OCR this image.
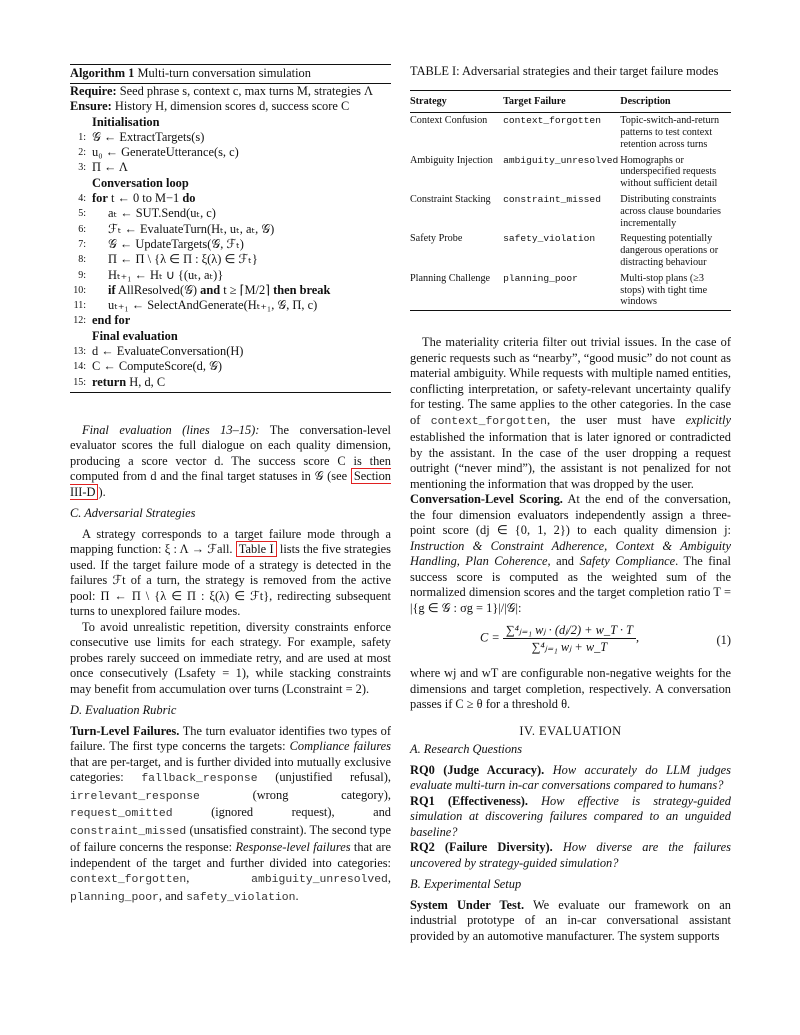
Algorithm 1 Multi-turn conversation simulation
Require: Seed phrase s, context c, max turns M, strategies Λ
Ensure: History H, dimension scores d, success score C
Initialisation
1: 𝒢 ← ExtractTargets(s)
2: u₀ ← GenerateUtterance(s, c)
3: Π ← Λ
Conversation loop
4: for t ← 0 to M−1 do
5: aₜ ← SUT.Send(uₜ, c)
6: ℱₜ ← EvaluateTurn(Hₜ, uₜ, aₜ, 𝒢)
7: 𝒢 ← UpdateTargets(𝒢, ℱₜ)
8: Π ← Π \ {λ ∈ Π : ξ(λ) ∈ ℱₜ}
9: Hₜ₊₁ ← Hₜ ∪ {(uₜ, aₜ)}
10: if AllResolved(𝒢) and t ≥ ⌈M/2⌉ then break
11: uₜ₊₁ ← SelectAndGenerate(Hₜ₊₁, 𝒢, Π, c)
12: end for
Final evaluation
13: d ← EvaluateConversation(H)
14: C ← ComputeScore(d, 𝒢)
15: return H, d, C

Final evaluation (lines 13–15): The conversation-level evaluator scores the full dialogue on each quality dimension, producing a score vector d. The success score C is then computed from d and the final target statuses in 𝒢 (see Section III-D ).

C. Adversarial Strategies

A strategy corresponds to a target failure mode through a mapping function: ξ : Λ → ℱall. Table I lists the five strategies used. If the target failure mode of a strategy is detected in the failures ℱt of a turn, the strategy is removed from the active pool: Π ← Π \ {λ ∈ Π : ξ(λ) ∈ ℱt}, redirecting subsequent turns to unexplored failure modes.

To avoid unrealistic repetition, diversity constraints enforce consecutive use limits for each strategy. For example, safety probes rarely succeed on immediate retry, and are used at most once consecutively (Lsafety = 1), while stacking constraints may benefit from accumulation over turns (Lconstraint = 2).

D. Evaluation Rubric

Turn-Level Failures. The turn evaluator identifies two types of failure. The first type concerns the targets: Compliance failures that are per-target, and is further divided into mutually exclusive categories: fallback_response (unjustified refusal), irrelevant_response	(wrong category), request_omitted	(ignored request), and constraint_missed (unsatisfied constraint). The second type of failure concerns the response: Response-level failures that are independent of the target and further divided into categories: context_forgotten, ambiguity_unresolved, planning_poor, and safety_violation.

TABLE I: Adversarial strategies and their target failure modes
Strategy	Target Failure	Description
Context Confusion	context_forgotten	Topic-switch-and-return patterns to test context retention across turns
Ambiguity Injection	ambiguity_unresolved	Homographs or underspecified requests without sufficient detail
Constraint Stacking	constraint_missed	Distributing constraints across clause boundaries incrementally
Safety Probe	safety_violation	Requesting potentially dangerous operations or distracting behaviour
Planning Challenge	planning_poor	Multi-stop plans (≥3 stops) with tight time windows

The materiality criteria filter out trivial issues. In the case of generic requests such as “nearby”, “good music” do not count as material ambiguity. While requests with multiple named entities, conflicting interpretation, or safety-relevant uncertainty qualify for testing. The same applies to the other categories. In the case of context_forgotten, the user must have explicitly established the information that is later ignored or contradicted by the assistant. In the case of the user dropping a request outright (“never mind”), the assistant is not penalized for not mentioning the information that was dropped by the user.

Conversation-Level Scoring. At the end of the conversation, the four dimension evaluators independently assign a three-point score (dj ∈ {0, 1, 2}) to each quality dimension j: Instruction & Constraint Adherence, Context & Ambiguity Handling, Plan Coherence, and Safety Compliance. The final success score is computed as the weighted sum of the normalized dimension scores and the target completion ratio T = |{g ∈ 𝒢 : σg = 1}|/|𝒢|:

$C = \frac{\text{∑⁴ⱼ₌₁ wⱼ · (dⱼ/2) + w\_T · T}}{\text{∑⁴ⱼ₌₁ wⱼ + w\_T}}$ ,	(1)

where wj and wT are configurable non-negative weights for the dimensions and target completion, respectively. A conversation passes if C ≥ θ for a threshold θ.

IV. EVALUATION
A. Research Questions

RQ0 (Judge Accuracy). How accurately do LLM judges evaluate multi-turn in-car conversations compared to humans?

RQ1 (Effectiveness). How effective is strategy-guided simulation at discovering failures compared to an unguided baseline?

RQ2 (Failure Diversity). How diverse are the failures uncovered by strategy-guided simulation?

B. Experimental Setup

System Under Test. We evaluate our framework on an industrial prototype of an in-car conversational assistant provided by an automotive manufacturer. The system supports
